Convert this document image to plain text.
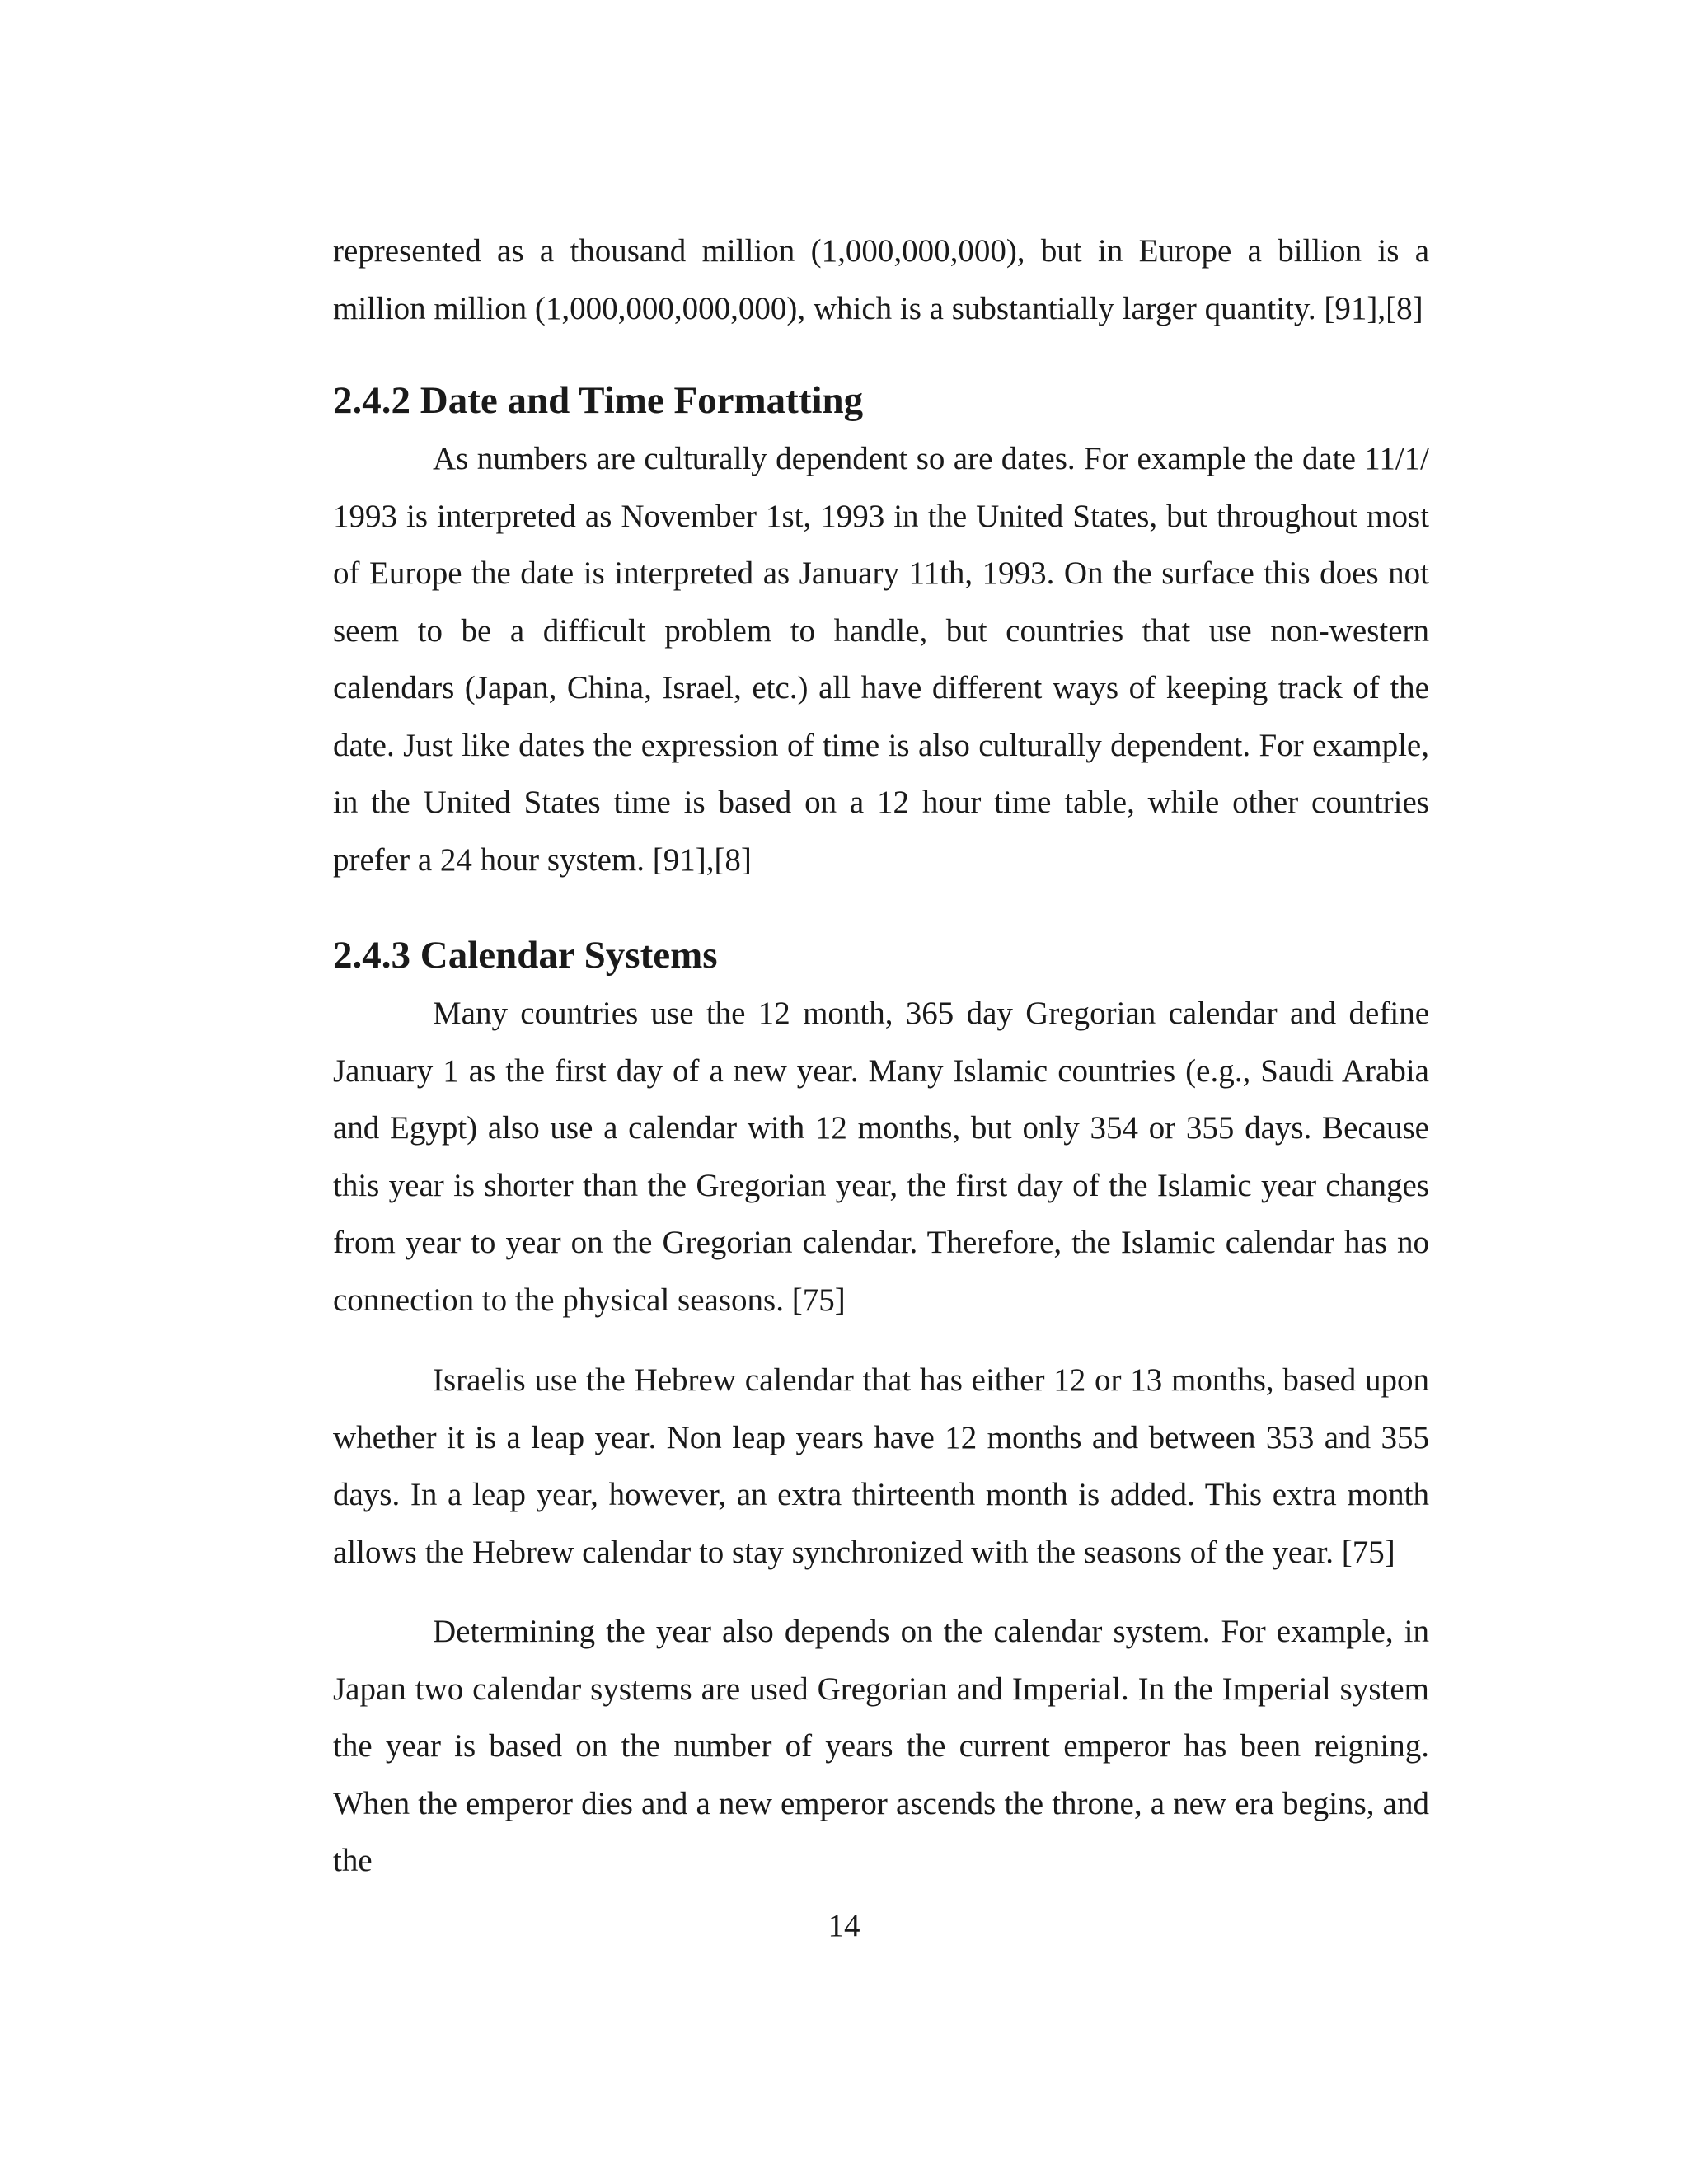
represented as a thousand million (1,000,000,000), but in Europe a billion is a million million (1,000,000,000,000), which is a substantially larger quantity. [91],[8]

2.4.2 Date and Time Formatting

As numbers are culturally dependent so are dates. For example the date 11/1/​1993 is interpreted as November 1st, 1993 in the United States, but throughout most of Europe the date is interpreted as January 11th, 1993. On the surface this does not seem to be a difficult problem to handle, but countries that use non-western calendars (Japan, China, Israel, etc.) all have different ways of keeping track of the date. Just like dates the expression of time is also culturally dependent. For example, in the United States time is based on a 12 hour time table, while other countries prefer a 24 hour system. [91],[8]

2.4.3 Calendar Systems

Many countries use the 12 month, 365 day Gregorian calendar and define January 1 as the first day of a new year. Many Islamic countries (e.g., Saudi Arabia and Egypt) also use a calendar with 12 months, but only 354 or 355 days. Because this year is shorter than the Gregorian year, the first day of the Islamic year changes from year to year on the Gregorian calendar. Therefore, the Islamic calendar has no connection to the physical seasons. [75]

Israelis use the Hebrew calendar that has either 12 or 13 months, based upon whether it is a leap year. Non leap years have 12 months and between 353 and 355 days. In a leap year, however, an extra thirteenth month is added. This extra month allows the Hebrew calendar to stay synchronized with the seasons of the year. [75]

Determining the year also depends on the calendar system. For example, in Japan two calendar systems are used Gregorian and Imperial. In the Imperial system the year is based on the number of years the current emperor has been reigning. When the emperor dies and a new emperor ascends the throne, a new era begins, and the

14
